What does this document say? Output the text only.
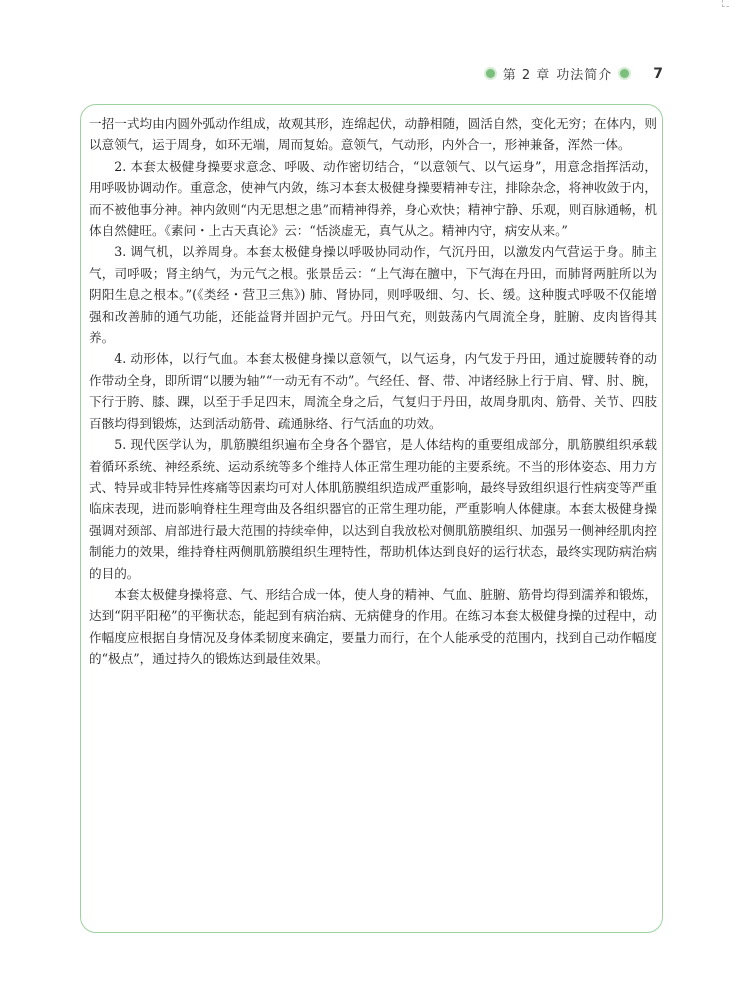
第 2 章 功法简介	7

一招一式均由内圆外弧动作组成，故观其形，连绵起伏，动静相随，圆活自然，变化无穷；在体内，则以意领气，运于周身，如环无端，周而复始。意领气，气动形，内外合一，形神兼备，浑然一体。

2. 本套太极健身操要求意念、呼吸、动作密切结合，“以意领气、以气运身”，用意念指挥活动，用呼吸协调动作。重意念，使神气内敛，练习本套太极健身操要精神专注，排除杂念，将神收敛于内，而不被他事分神。神内敛则“内无思想之患”而精神得养，身心欢快；精神宁静、乐观，则百脉通畅，机体自然健旺。《素问・上古天真论》云：“恬淡虚无，真气从之。精神内守，病安从来。”

3. 调气机，以养周身。本套太极健身操以呼吸协同动作，气沉丹田，以激发内气营运于身。肺主气，司呼吸；肾主纳气，为元气之根。张景岳云：“上气海在膻中，下气海在丹田，而肺肾两脏所以为阴阳生息之根本。”(《类经・营卫三焦》) 肺、肾协同，则呼吸细、匀、长、缓。这种腹式呼吸不仅能增强和改善肺的通气功能，还能益肾并固护元气。丹田气充，则鼓荡内气周流全身，脏腑、皮肉皆得其养。

4. 动形体，以行气血。本套太极健身操以意领气，以气运身，内气发于丹田，通过旋腰转脊的动作带动全身，即所谓“以腰为轴”“一动无有不动”。气经任、督、带、冲诸经脉上行于肩、臂、肘、腕，下行于胯、膝、踝，以至于手足四末，周流全身之后，气复归于丹田，故周身肌肉、筋骨、关节、四肢百骸均得到锻炼，达到活动筋骨、疏通脉络、行气活血的功效。

5. 现代医学认为，肌筋膜组织遍布全身各个器官，是人体结构的重要组成部分，肌筋膜组织承载着循环系统、神经系统、运动系统等多个维持人体正常生理功能的主要系统。不当的形体姿态、用力方式、特异或非特异性疼痛等因素均可对人体肌筋膜组织造成严重影响，最终导致组织退行性病变等严重临床表现，进而影响脊柱生理弯曲及各组织器官的正常生理功能，严重影响人体健康。本套太极健身操强调对颈部、肩部进行最大范围的持续牵伸，以达到自我放松对侧肌筋膜组织、加强另一侧神经肌肉控制能力的效果，维持脊柱两侧肌筋膜组织生理特性，帮助机体达到良好的运行状态，最终实现防病治病的目的。

本套太极健身操将意、气、形结合成一体，使人身的精神、气血、脏腑、筋骨均得到濡养和锻炼，达到“阴平阳秘”的平衡状态，能起到有病治病、无病健身的作用。在练习本套太极健身操的过程中，动作幅度应根据自身情况及身体柔韧度来确定，要量力而行，在个人能承受的范围内，找到自己动作幅度的“极点”，通过持久的锻炼达到最佳效果。
